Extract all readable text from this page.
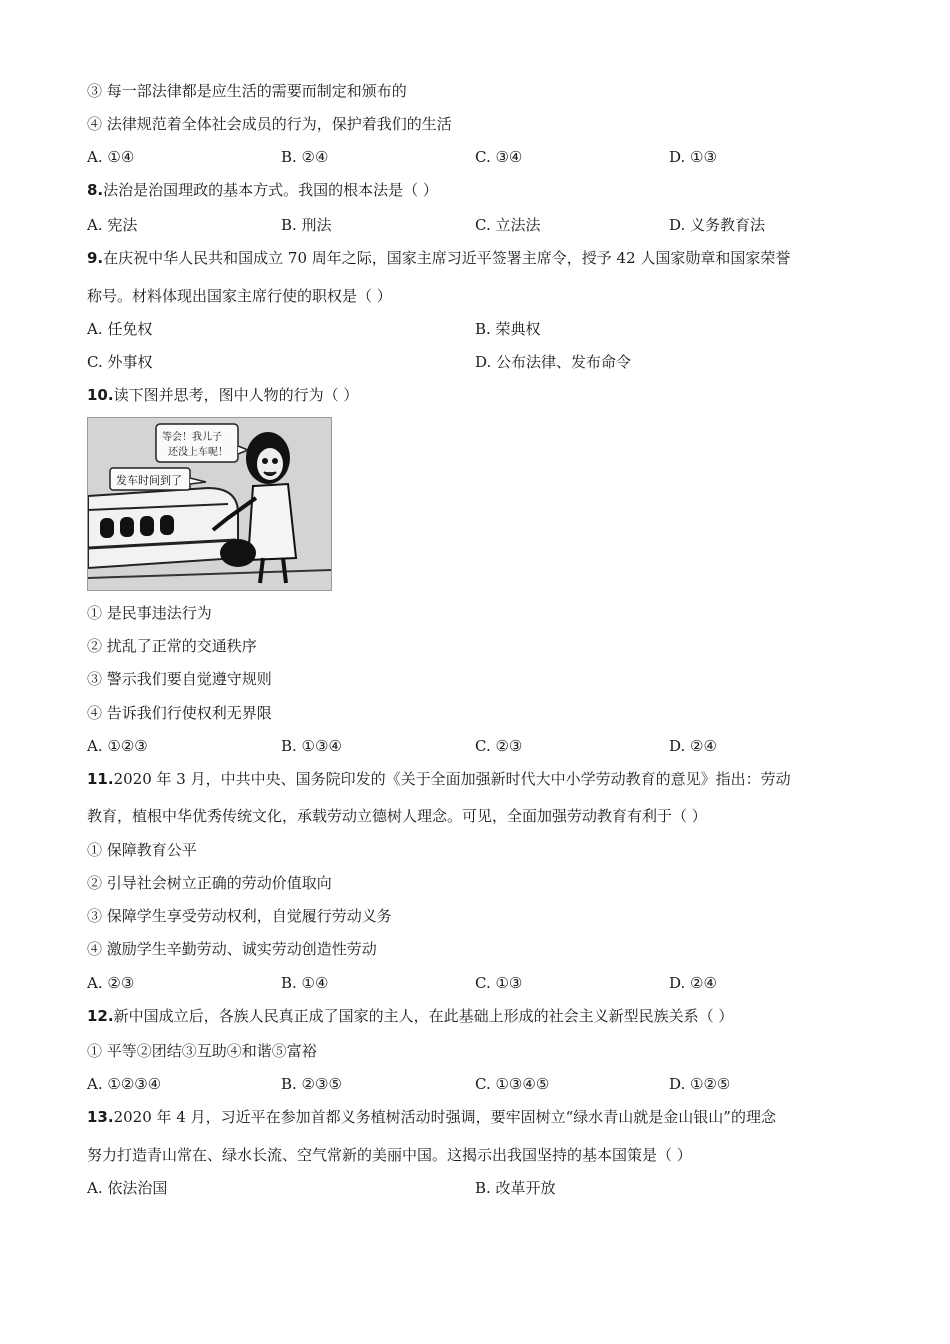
③ 每一部法律都是应生活的需要而制定和颁布的
④ 法律规范着全体社会成员的行为，保护着我们的生活
A. ①④	B. ②④	C. ③④	D. ①③
8.法治是治国理政的基本方式。我国的根本法是（ ）
A. 宪法	B. 刑法	C. 立法法	D. 义务教育法
9.在庆祝中华人民共和国成立 70 周年之际，国家主席习近平签署主席令，授予 42 人国家勋章和国家荣誉
称号。材料体现出国家主席行使的职权是（ ）
A. 任免权	B. 荣典权
C. 外事权	D. 公布法律、发布命令
10.读下图并思考，图中人物的行为（ ）
等会！我儿子
还没上车呢！
发车时间到了
① 是民事违法行为
② 扰乱了正常的交通秩序
③ 警示我们要自觉遵守规则
④ 告诉我们行使权利无界限
A. ①②③	B. ①③④	C. ②③	D. ②④
11.2020 年 3 月，中共中央、国务院印发的《关于全面加强新时代大中小学劳动教育的意见》指出：劳动
教育，植根中华优秀传统文化，承载劳动立德树人理念。可见，全面加强劳动教育有利于（ ）
① 保障教育公平
② 引导社会树立正确的劳动价值取向
③ 保障学生享受劳动权利，自觉履行劳动义务
④ 激励学生辛勤劳动、诚实劳动创造性劳动
A. ②③	B. ①④	C. ①③	D. ②④
12.新中国成立后，各族人民真正成了国家的主人，在此基础上形成的社会主义新型民族关系（ ）
① 平等②团结③互助④和谐⑤富裕
A. ①②③④	B. ②③⑤	C. ①③④⑤	D. ①②⑤
13.2020 年 4 月，习近平在参加首都义务植树活动时强调，要牢固树立“绿水青山就是金山银山”的理念
努力打造青山常在、绿水长流、空气常新的美丽中国。这揭示出我国坚持的基本国策是（ ）
A. 依法治国	B. 改革开放
